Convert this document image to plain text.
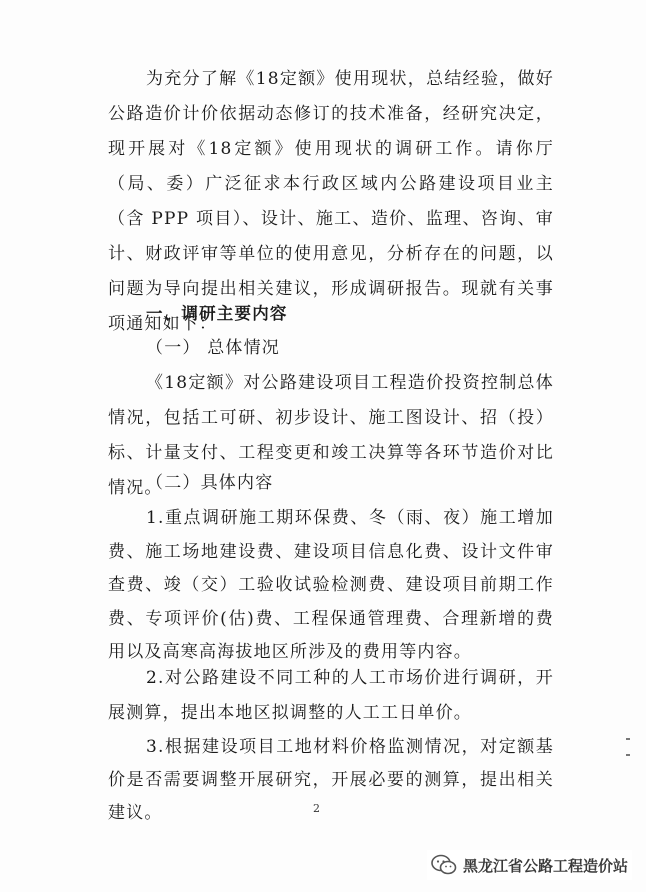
为充分了解《18定额》使用现状，总结经验，做好公路造价计价依据动态修订的技术准备，经研究决定，现开展对《18定额》使用现状的调研工作。请你厅（局、委）广泛征求本行政区域内公路建设项目业主（含 PPP 项目）、设计、施工、造价、监理、咨询、审计、财政评审等单位的使用意见，分析存在的问题，以问题为导向提出相关建议，形成调研报告。现就有关事项通知如下：

一、调研主要内容

（一） 总体情况

《18定额》对公路建设项目工程造价投资控制总体情况，包括工可研、初步设计、施工图设计、招（投）标、计量支付、工程变更和竣工决算等各环节造价对比情况。

（二）具体内容

1.重点调研施工期环保费、冬（雨、夜）施工增加费、施工场地建设费、建设项目信息化费、设计文件审查费、竣（交）工验收试验检测费、建设项目前期工作费、专项评价(估)费、工程保通管理费、合理新增的费用以及高寒高海拔地区所涉及的费用等内容。

2.对公路建设不同工种的人工市场价进行调研，开展测算，提出本地区拟调整的人工工日单价。

3.根据建设项目工地材料价格监测情况，对定额基价是否需要调整开展研究，开展必要的测算，提出相关建议。	2
黑龙江省公路工程造价站
